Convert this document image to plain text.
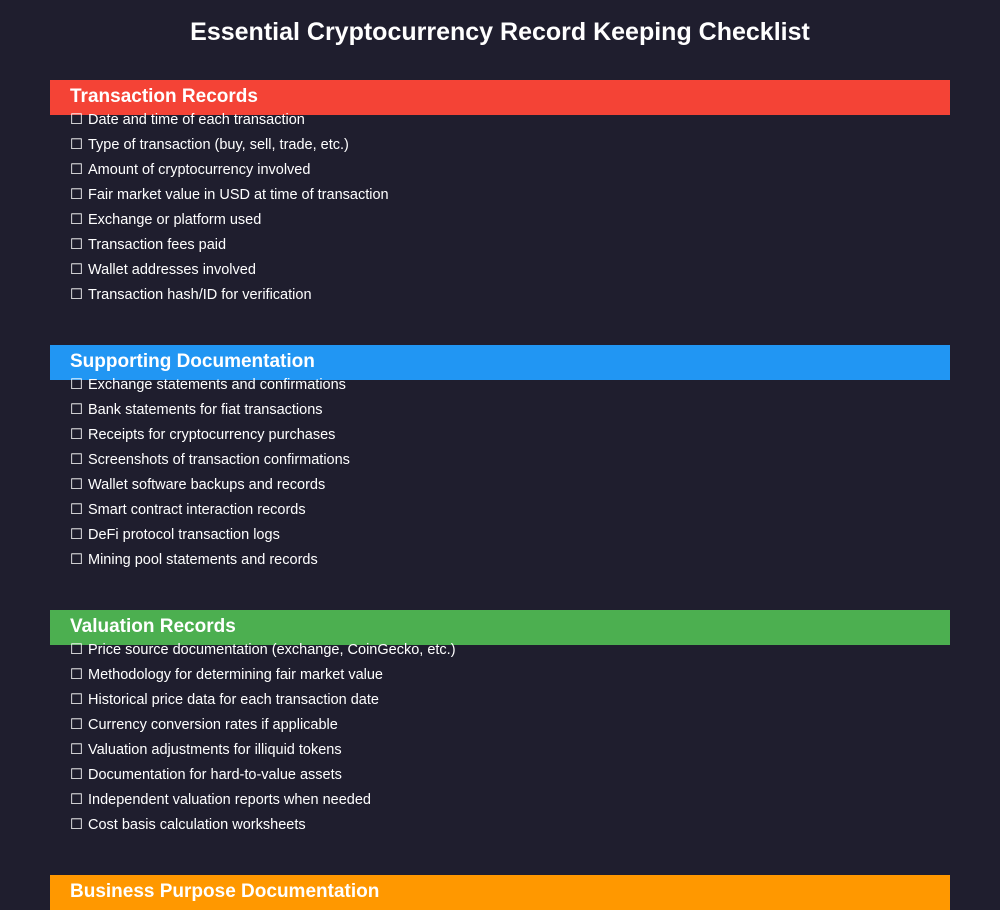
Essential Cryptocurrency Record Keeping Checklist
Transaction Records
☐ Date and time of each transaction
☐ Type of transaction (buy, sell, trade, etc.)
☐ Amount of cryptocurrency involved
☐ Fair market value in USD at time of transaction
☐ Exchange or platform used
☐ Transaction fees paid
☐ Wallet addresses involved
☐ Transaction hash/ID for verification
Supporting Documentation
☐ Exchange statements and confirmations
☐ Bank statements for fiat transactions
☐ Receipts for cryptocurrency purchases
☐ Screenshots of transaction confirmations
☐ Wallet software backups and records
☐ Smart contract interaction records
☐ DeFi protocol transaction logs
☐ Mining pool statements and records
Valuation Records
☐ Price source documentation (exchange, CoinGecko, etc.)
☐ Methodology for determining fair market value
☐ Historical price data for each transaction date
☐ Currency conversion rates if applicable
☐ Valuation adjustments for illiquid tokens
☐ Documentation for hard-to-value assets
☐ Independent valuation reports when needed
☐ Cost basis calculation worksheets
Business Purpose Documentation
